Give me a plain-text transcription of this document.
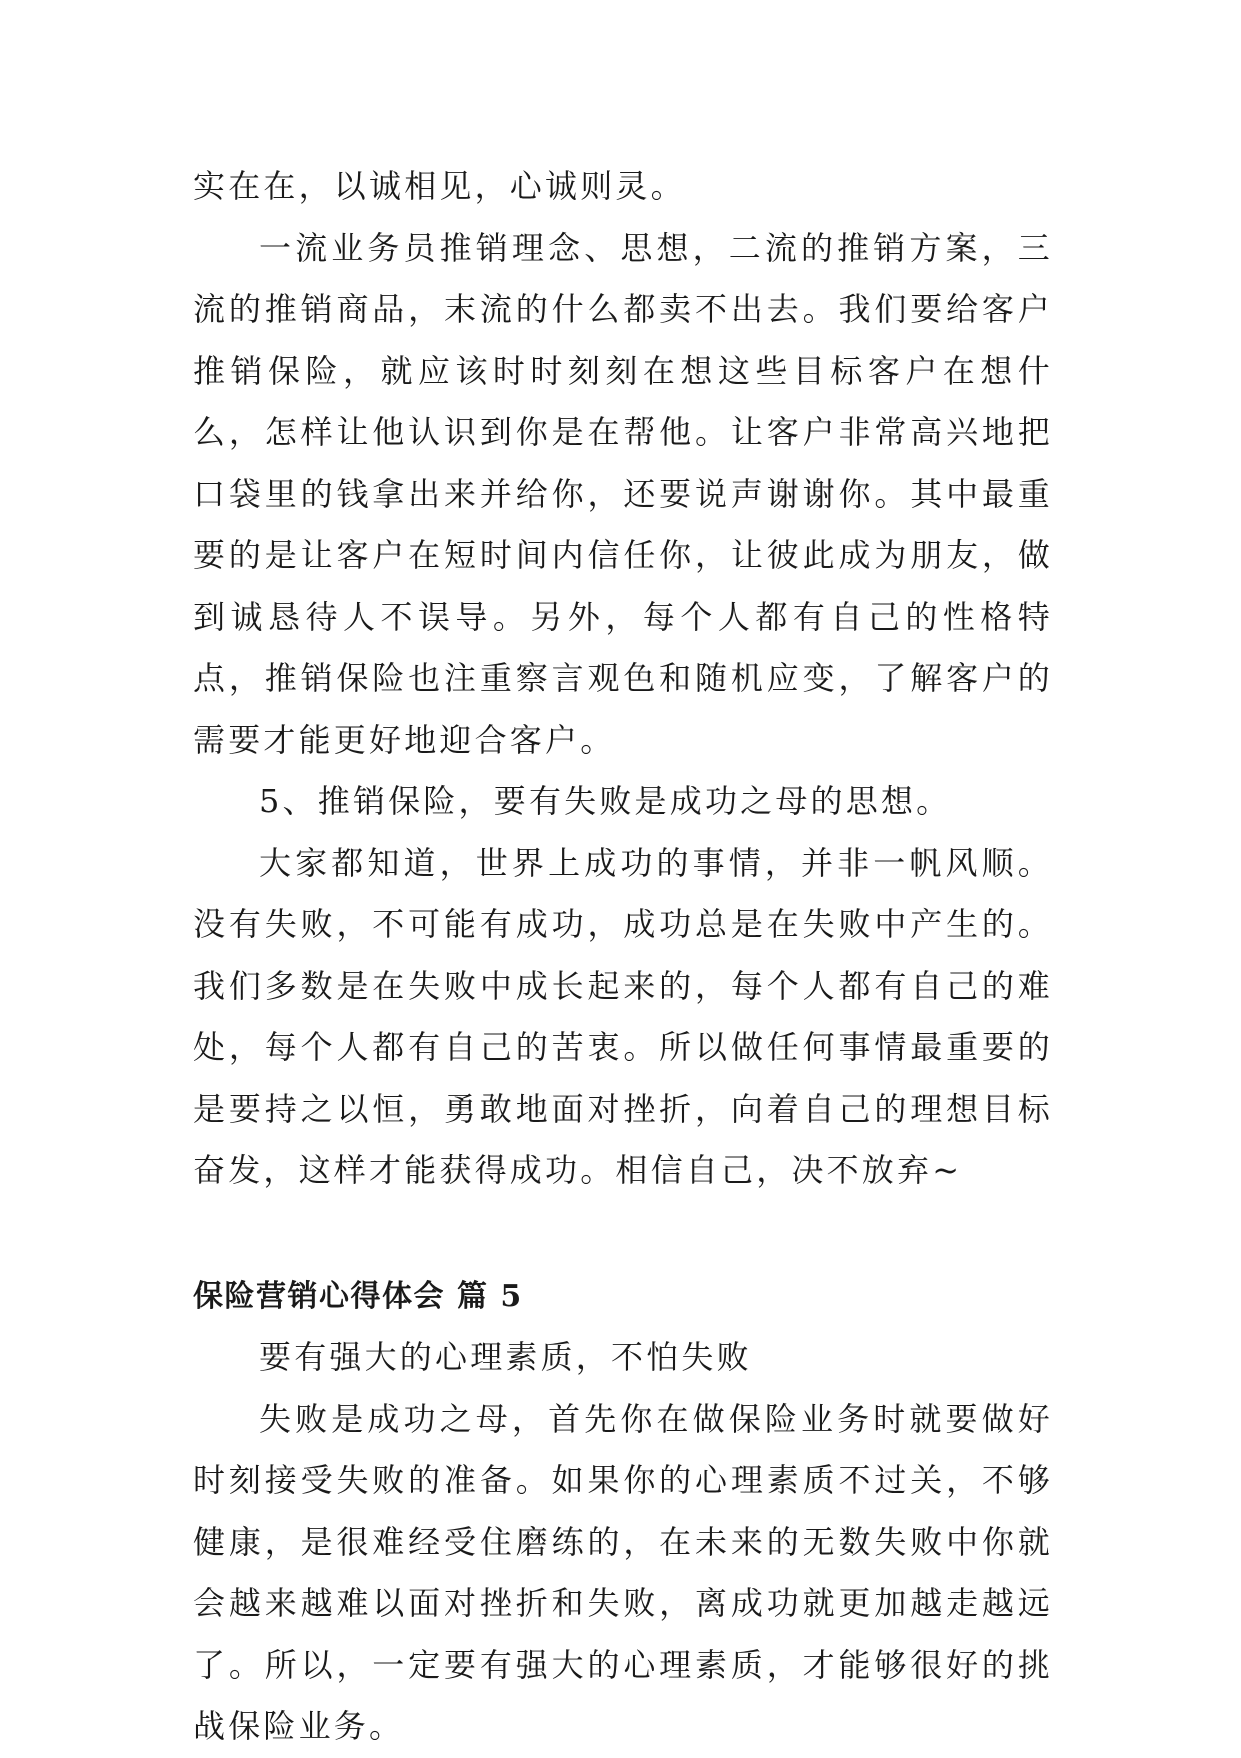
实在在，以诚相见，心诚则灵。

一流业务员推销理念、思想，二流的推销方案，三流的推销商品，末流的什么都卖不出去。我们要给客户推销保险，就应该时时刻刻在想这些目标客户在想什么，怎样让他认识到你是在帮他。让客户非常高兴地把口袋里的钱拿出来并给你，还要说声谢谢你。其中最重要的是让客户在短时间内信任你，让彼此成为朋友，做到诚恳待人不误导。另外，每个人都有自己的性格特点，推销保险也注重察言观色和随机应变，了解客户的需要才能更好地迎合客户。

5、推销保险，要有失败是成功之母的思想。

大家都知道，世界上成功的事情，并非一帆风顺。没有失败，不可能有成功，成功总是在失败中产生的。我们多数是在失败中成长起来的，每个人都有自己的难处，每个人都有自己的苦衷。所以做任何事情最重要的是要持之以恒，勇敢地面对挫折，向着自己的理想目标奋发，这样才能获得成功。相信自己，决不放弃~

保险营销心得体会 篇 5

要有强大的心理素质，不怕失败

失败是成功之母，首先你在做保险业务时就要做好时刻接受失败的准备。如果你的心理素质不过关，不够健康，是很难经受住磨练的，在未来的无数失败中你就会越来越难以面对挫折和失败，离成功就更加越走越远了。所以，一定要有强大的心理素质，才能够很好的挑战保险业务。
